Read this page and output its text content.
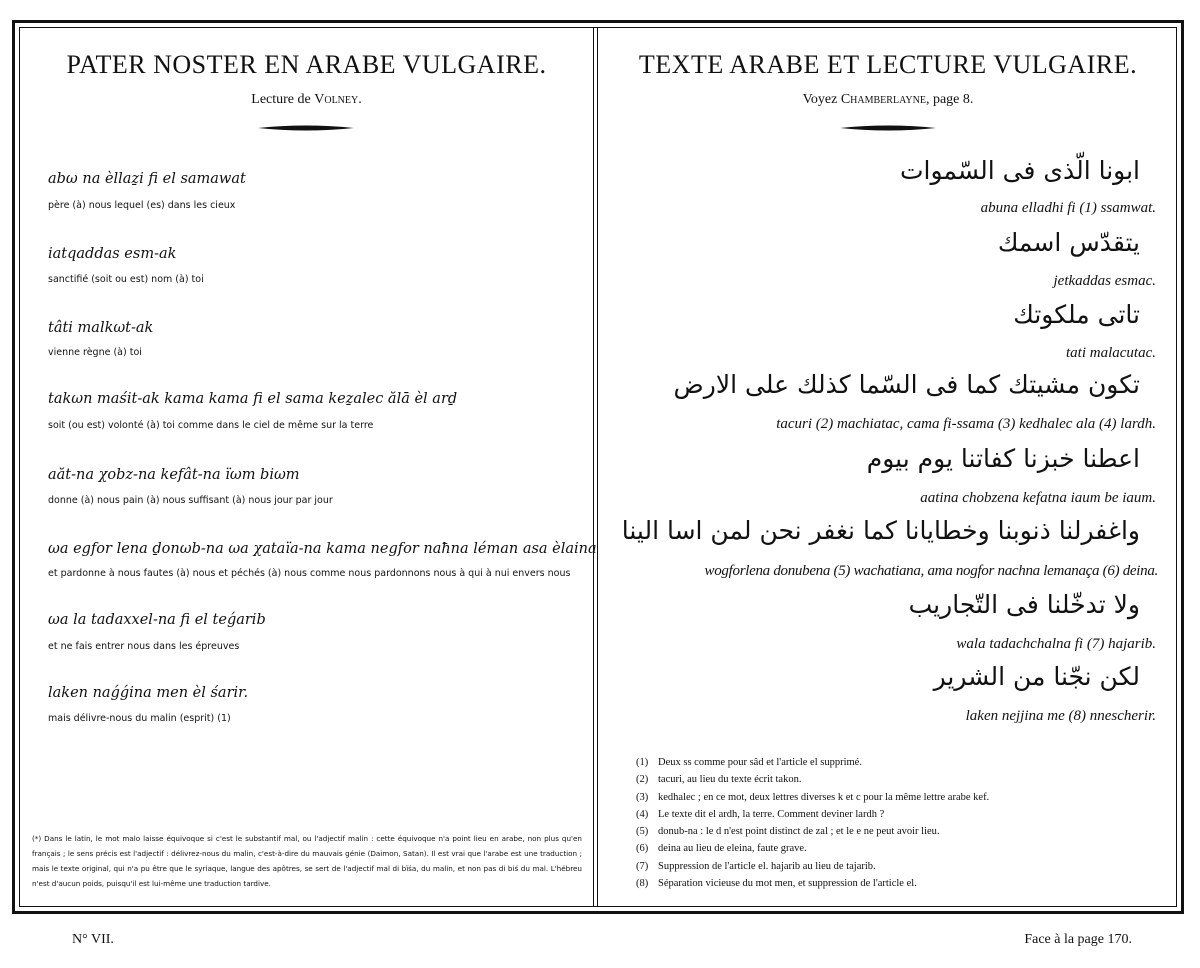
PATER NOSTER EN ARABE VULGAIRE.
Lecture de Volney.
abω na èllaẕi fi el samawat
père (à) nous lequel (es) dans les cieux
iatqaddas esm-ak
sanctifié (soit ou est) nom (à) toi
tâti malkωt-ak
vienne règne (à) toi
takωn maśit-ak kama kama fi el sama keẕalec ălā èl arḏ
soit (ou est) volonté (à) toi comme dans le ciel de même sur la terre
aăt-na χobz-na kefât-na ïωm biωm
donne (à) nous pain (à) nous suffisant (à) nous jour par jour
ωa egfor lena ḏonωb-na ωa χataïa-na kama negfor naħna léman asa èlaina
et pardonne à nous fautes (à) nous et péchés (à) nous comme nous pardonnons nous à qui à nui envers nous
ωa la tadaxxel-na fi el teǵarib
et ne fais entrer nous dans les épreuves
laken naǵǵina men èl śarir.
mais délivre-nous du malin (esprit) (1)
(*) Dans le latin, le mot malo laisse équivoque si c'est le substantif mal, ou l'adjectif malin : cette équivoque n'a point lieu en arabe, non plus qu'en français ; le sens précis est l'adjectif : délivrez-nous du malin, c'est-à-dire du mauvais génie (Daimon, Satan). Il est vrai que l'arabe est une traduction ; mais le texte original, qui n'a pu être que le syriaque, langue des apôtres, se sert de l'adjectif mal di bïśa, du malin, et non pas di biś du mal. L'hébreu n'est d'aucun poids, puisqu'il est lui-même une traduction tardive.
TEXTE ARABE ET LECTURE VULGAIRE.
Voyez Chamberlayne, page 8.
ابونا الّذى فى السّموات
abuna elladhi fi (1) ssamwat.
يتقدّس اسمك
jetkaddas esmac.
تاتى ملكوتك
tati malacutac.
تكون مشيتك كما فى السّما كذلك على الارض
tacuri (2) machiatac, cama fi-ssama (3) kedhalec ala (4) lardh.
اعطنا خبزنا كفاتنا يوم بيوم
aatina chobzena kefatna iaum be iaum.
واغفرلنا ذنوبنا وخطايانا كما نغفر نحن لمن اسا الينا
wogforlena donubena (5) wachatiana, ama nogfor nachna lemanaça (6) deina.
ولا تدخّلنا فى التّجاريب
wala tadachchalna fi (7) hajarib.
لكن نجّنا من الشرير
laken nejjina me (8) nnescherir.
(1) Deux ss comme pour sâd et l'article el supprimé.
(2) tacuri, au lieu du texte écrit takon.
(3) kedhalec ; en ce mot, deux lettres diverses k et c pour la même lettre arabe kef.
(4) Le texte dit el ardh, la terre. Comment deviner lardh ?
(5) donub-na : le d n'est point distinct de zal ; et le e ne peut avoir lieu.
(6) deina au lieu de eleina, faute grave.
(7) Suppression de l'article el. hajarib au lieu de tajarib.
(8) Séparation vicieuse du mot men, et suppression de l'article el.
N° VII.	Face à la page 170.
